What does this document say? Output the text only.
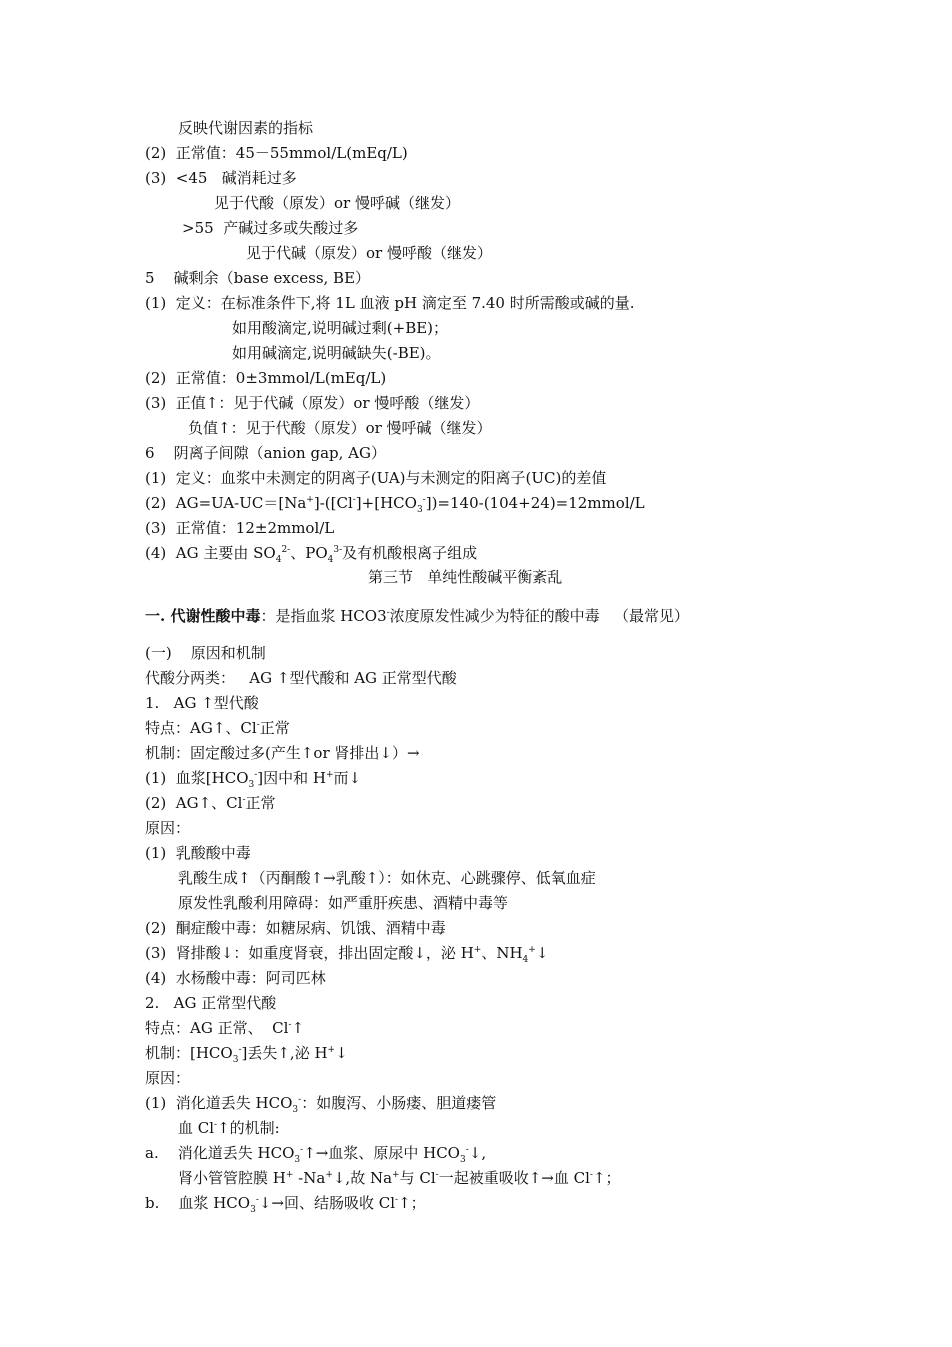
反映代谢因素的指标
(2)  正常值：45－55mmol/L(mEq/L)
(3)  <45   碱消耗过多
见于代酸（原发）or 慢呼碱（继发）
>55  产碱过多或失酸过多
见于代碱（原发）or 慢呼酸（继发）
5    碱剩余（base excess, BE）
(1)  定义：在标准条件下,将 1L 血液 pH 滴定至 7.40 时所需酸或碱的量.
如用酸滴定,说明碱过剩(+BE)；
如用碱滴定,说明碱缺失(-BE)。
(2)  正常值：0±3mmol/L(mEq/L)
(3)  正值↑：见于代碱（原发）or 慢呼酸（继发）
负值↑：见于代酸（原发）or 慢呼碱（继发）
6    阴离子间隙（anion gap, AG）
(1)  定义：血浆中未测定的阴离子(UA)与未测定的阳离子(UC)的差值
(2)  $AG=UA-UC=[Na^+]-([Cl^-]+[HCO_3^-])=140-(104+24)=12mmol/L$
(3)  正常值：12±2mmol/L
(4)  AG 主要由 $SO_4^{2-}$、$PO_4^{3-}$及有机酸根离子组成
第三节   单纯性酸碱平衡紊乱
一. 代谢性酸中毒：是指血浆 HCO3-浓度原发性减少为特征的酸中毒   （最常见）
(一)    原因和机制
代酸分两类：   AG ↑型代酸和 AG 正常型代酸
1.   AG ↑型代酸
特点：AG↑、Cl-正常
机制：固定酸过多(产生↑or 肾排出↓）→
(1)  血浆$[HCO_3^-]$因中和 H+而↓
(2)  AG↑、Cl-正常
原因：
(1)  乳酸酸中毒
乳酸生成↑（丙酮酸↑→乳酸↑）：如休克、心跳骤停、低氧血症
原发性乳酸利用障碍：如严重肝疾患、酒精中毒等
(2)  酮症酸中毒：如糖尿病、饥饿、酒精中毒
(3)  肾排酸↓：如重度肾衰，排出固定酸↓，泌 H+、$NH_4^+↓$
(4)  水杨酸中毒：阿司匹林
2.   AG 正常型代酸
特点：AG 正常、  Cl-↑
机制：$[HCO_3^-]$丢失↑,泌 H+↓
原因：
(1)  消化道丢失 $HCO_3^-$：如腹泻、小肠瘘、胆道瘘管
血 Cl-↑的机制:
a.    消化道丢失 $HCO_3^-↑\to$血浆、原尿中 $HCO_3^-↓$,
肾小管管腔膜 H+ -Na+↓,故 Na+与 Cl-一起被重吸收↑→血 Cl-↑；
b.    血浆 $HCO_3^-↓\to$回、结肠吸收 Cl-↑；
